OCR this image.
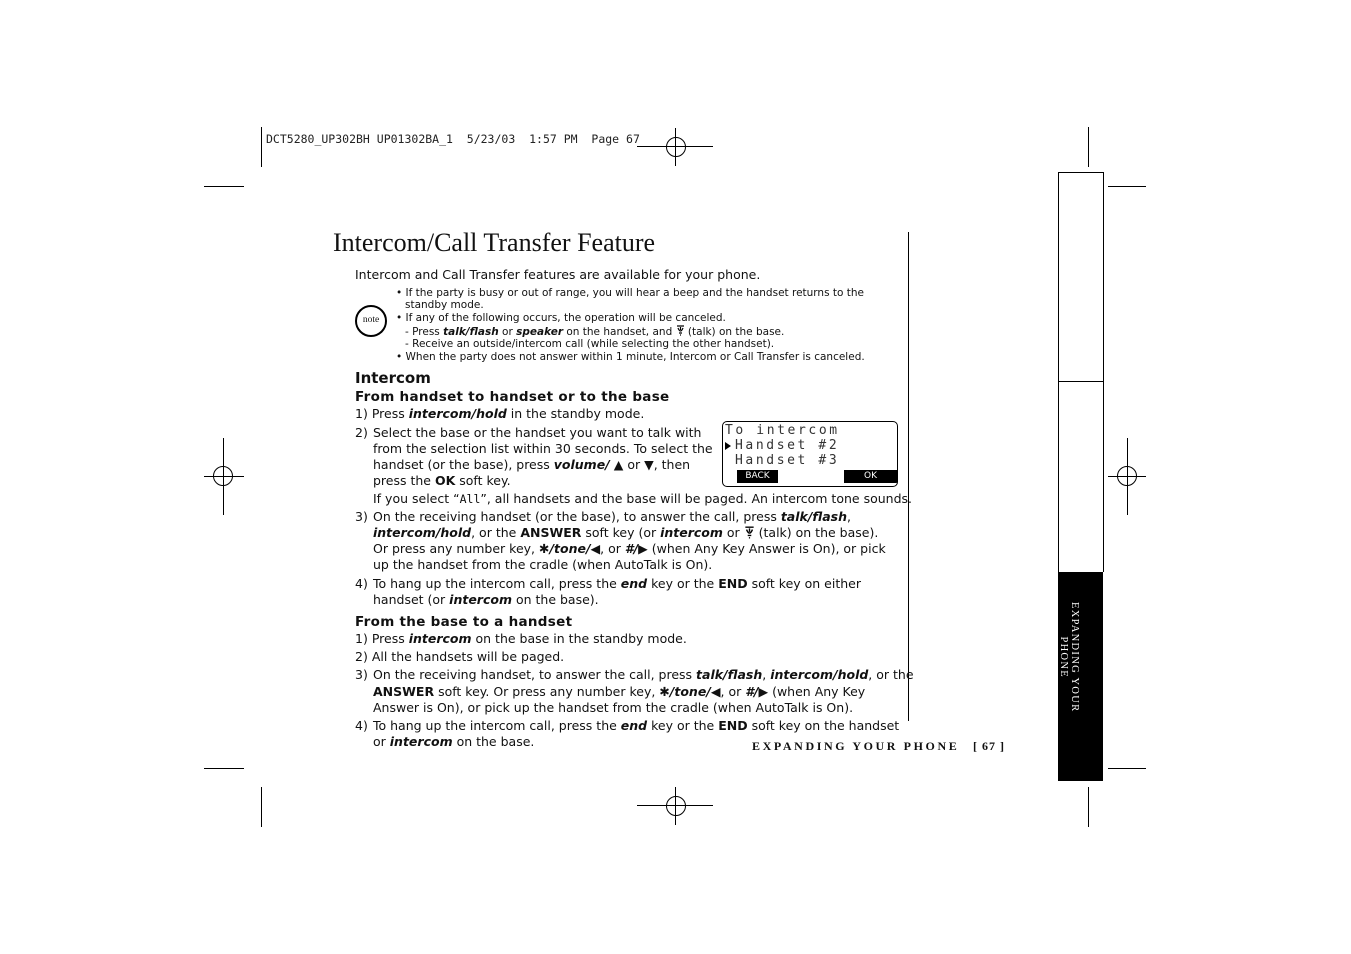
DCT5280_UP302BH UP01302BA_1  5/23/03  1:57 PM  Page 67
EXPANDING YOUR
PHONE
Intercom/Call Transfer Feature
Intercom and Call Transfer features are available for your phone.
note
• If the party is busy or out of range, you will hear a beep and the handset returns to the
standby mode.
• If any of the following occurs, the operation will be canceled.
- Press talk/flash or speaker on the handset, and  (talk) on the base.
- Receive an outside/intercom call (while selecting the other handset).
• When the party does not answer within 1 minute, Intercom or Call Transfer is canceled.
Intercom
From handset to handset or to the base
1) Press intercom/hold in the standby mode.
2) Select the base or the handset you want to talk with
from the selection list within 30 seconds. To select the
handset (or the base), press volume/ ▲ or ▼, then
press the OK soft key.
If you select “All”, all handsets and the base will be paged. An intercom tone sounds.
3) On the receiving handset (or the base), to answer the call, press talk/flash,
intercom/hold, or the ANSWER soft key (or intercom or  (talk) on the base).
Or press any number key, ✱/tone/◀, or #/▶ (when Any Key Answer is On), or pick
up the handset from the cradle (when AutoTalk is On).
4) To hang up the intercom call, press the end key or the END soft key on either
handset (or intercom on the base).
To intercom
Handset #2
Handset #3
BACK	OK
From the base to a handset
1) Press intercom on the base in the standby mode.
2) All the handsets will be paged.
3) On the receiving handset, to answer the call, press talk/flash, intercom/hold, or the
ANSWER soft key. Or press any number key, ✱/tone/◀, or #/▶ (when Any Key
Answer is On), or pick up the handset from the cradle (when AutoTalk is On).
4) To hang up the intercom call, press the end key or the END soft key on the handset
or intercom on the base.	EXPANDING YOUR PHONE [ 67 ]
